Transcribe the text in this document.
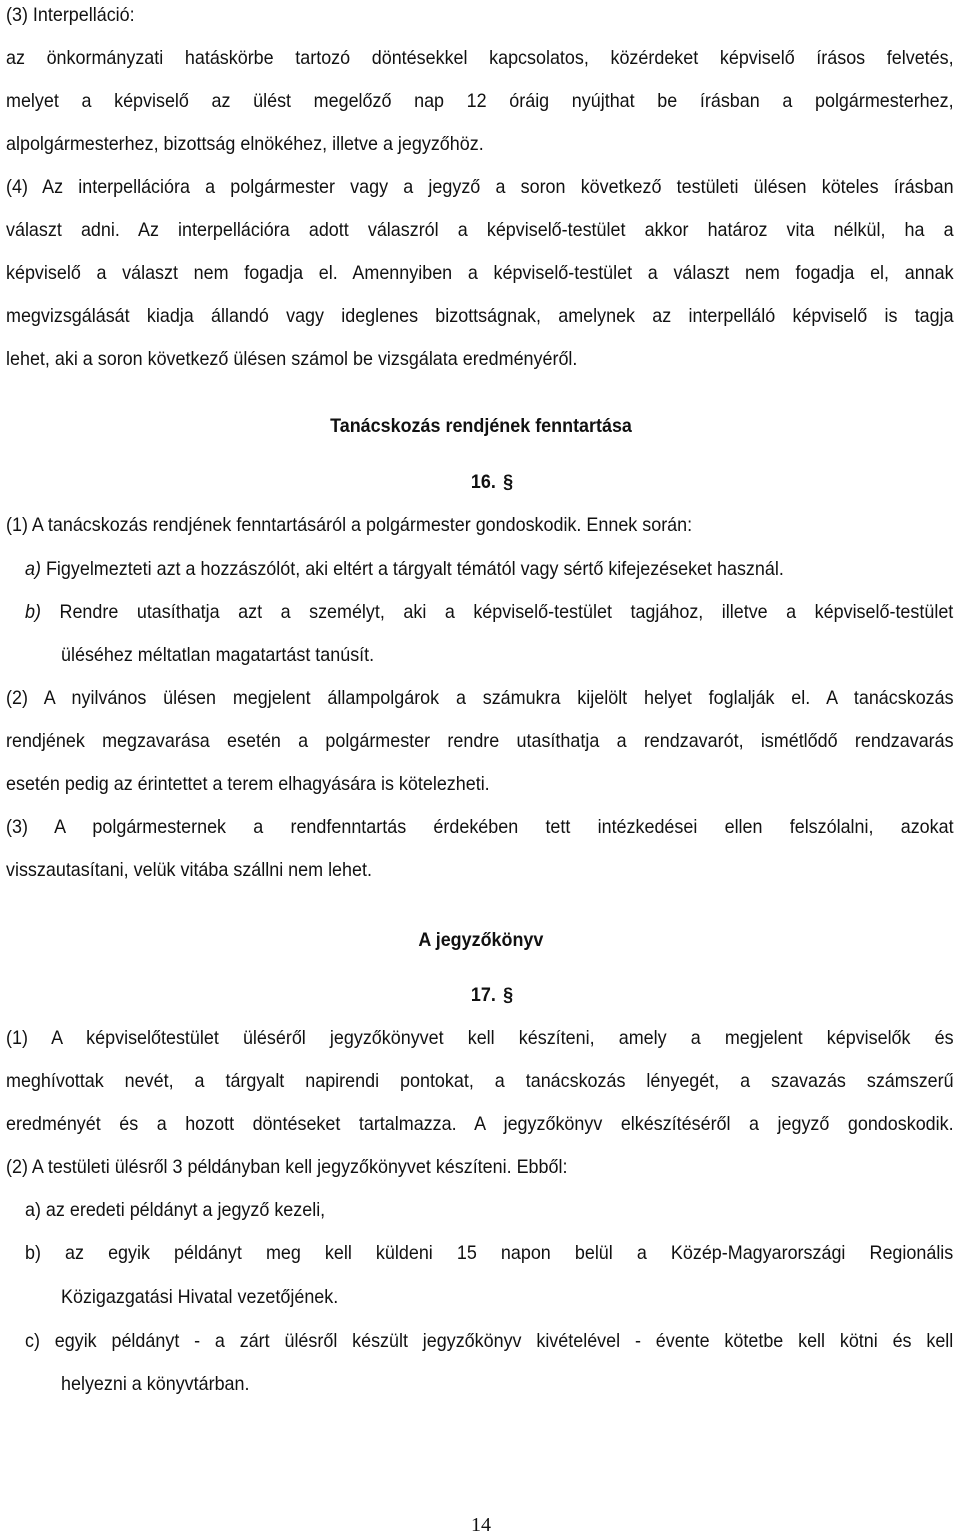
(3) Interpelláció:
az önkormányzati hatáskörbe tartozó döntésekkel kapcsolatos, közérdeket képviselő írásos felvetés,
melyet a képviselő az ülést megelőző nap 12 óráig nyújthat be írásban a polgármesterhez,
alpolgármesterhez, bizottság elnökéhez, illetve a jegyzőhöz.
(4) Az interpellációra a polgármester vagy a jegyző a soron következő testületi ülésen köteles írásban
választ adni. Az interpellációra adott válaszról a képviselő-testület akkor határoz vita nélkül, ha a
képviselő a választ nem fogadja el. Amennyiben a képviselő-testület a választ nem fogadja el, annak
megvizsgálását kiadja állandó vagy ideglenes bizottságnak, amelynek az interpelláló képviselő is tagja
lehet, aki a soron következő ülésen számol be vizsgálata eredményéről.
Tanácskozás rendjének fenntartása
16. §
(1) A tanácskozás rendjének fenntartásáról a polgármester gondoskodik. Ennek során:
a) Figyelmezteti azt a hozzászólót, aki eltért a tárgyalt témától vagy sértő kifejezéseket használ.
b) Rendre utasíthatja azt a személyt, aki a képviselő-testület tagjához, illetve a képviselő-testület
üléséhez méltatlan magatartást tanúsít.
(2) A nyilvános ülésen megjelent állampolgárok a számukra kijelölt helyet foglalják el. A tanácskozás
rendjének megzavarása esetén a polgármester rendre utasíthatja a rendzavarót, ismétlődő rendzavarás
esetén pedig az érintettet a terem elhagyására is kötelezheti.
(3) A polgármesternek a rendfenntartás érdekében tett intézkedései ellen felszólalni, azokat
visszautasítani, velük vitába szállni nem lehet.
A jegyzőkönyv
17. §
(1) A képviselőtestület üléséről jegyzőkönyvet kell készíteni, amely a megjelent képviselők és
meghívottak nevét, a tárgyalt napirendi pontokat, a tanácskozás lényegét, a szavazás számszerű
eredményét és a hozott döntéseket tartalmazza. A jegyzőkönyv elkészítéséről a jegyző gondoskodik.
(2) A testületi ülésről 3 példányban kell jegyzőkönyvet készíteni. Ebből:
a) az eredeti példányt a jegyző kezeli,
b) az egyik példányt meg kell küldeni 15 napon belül a Közép-Magyarországi Regionális
Közigazgatási Hivatal vezetőjének.
c) egyik példányt - a zárt ülésről készült jegyzőkönyv kivételével - évente kötetbe kell kötni és kell
helyezni a könyvtárban.
14
